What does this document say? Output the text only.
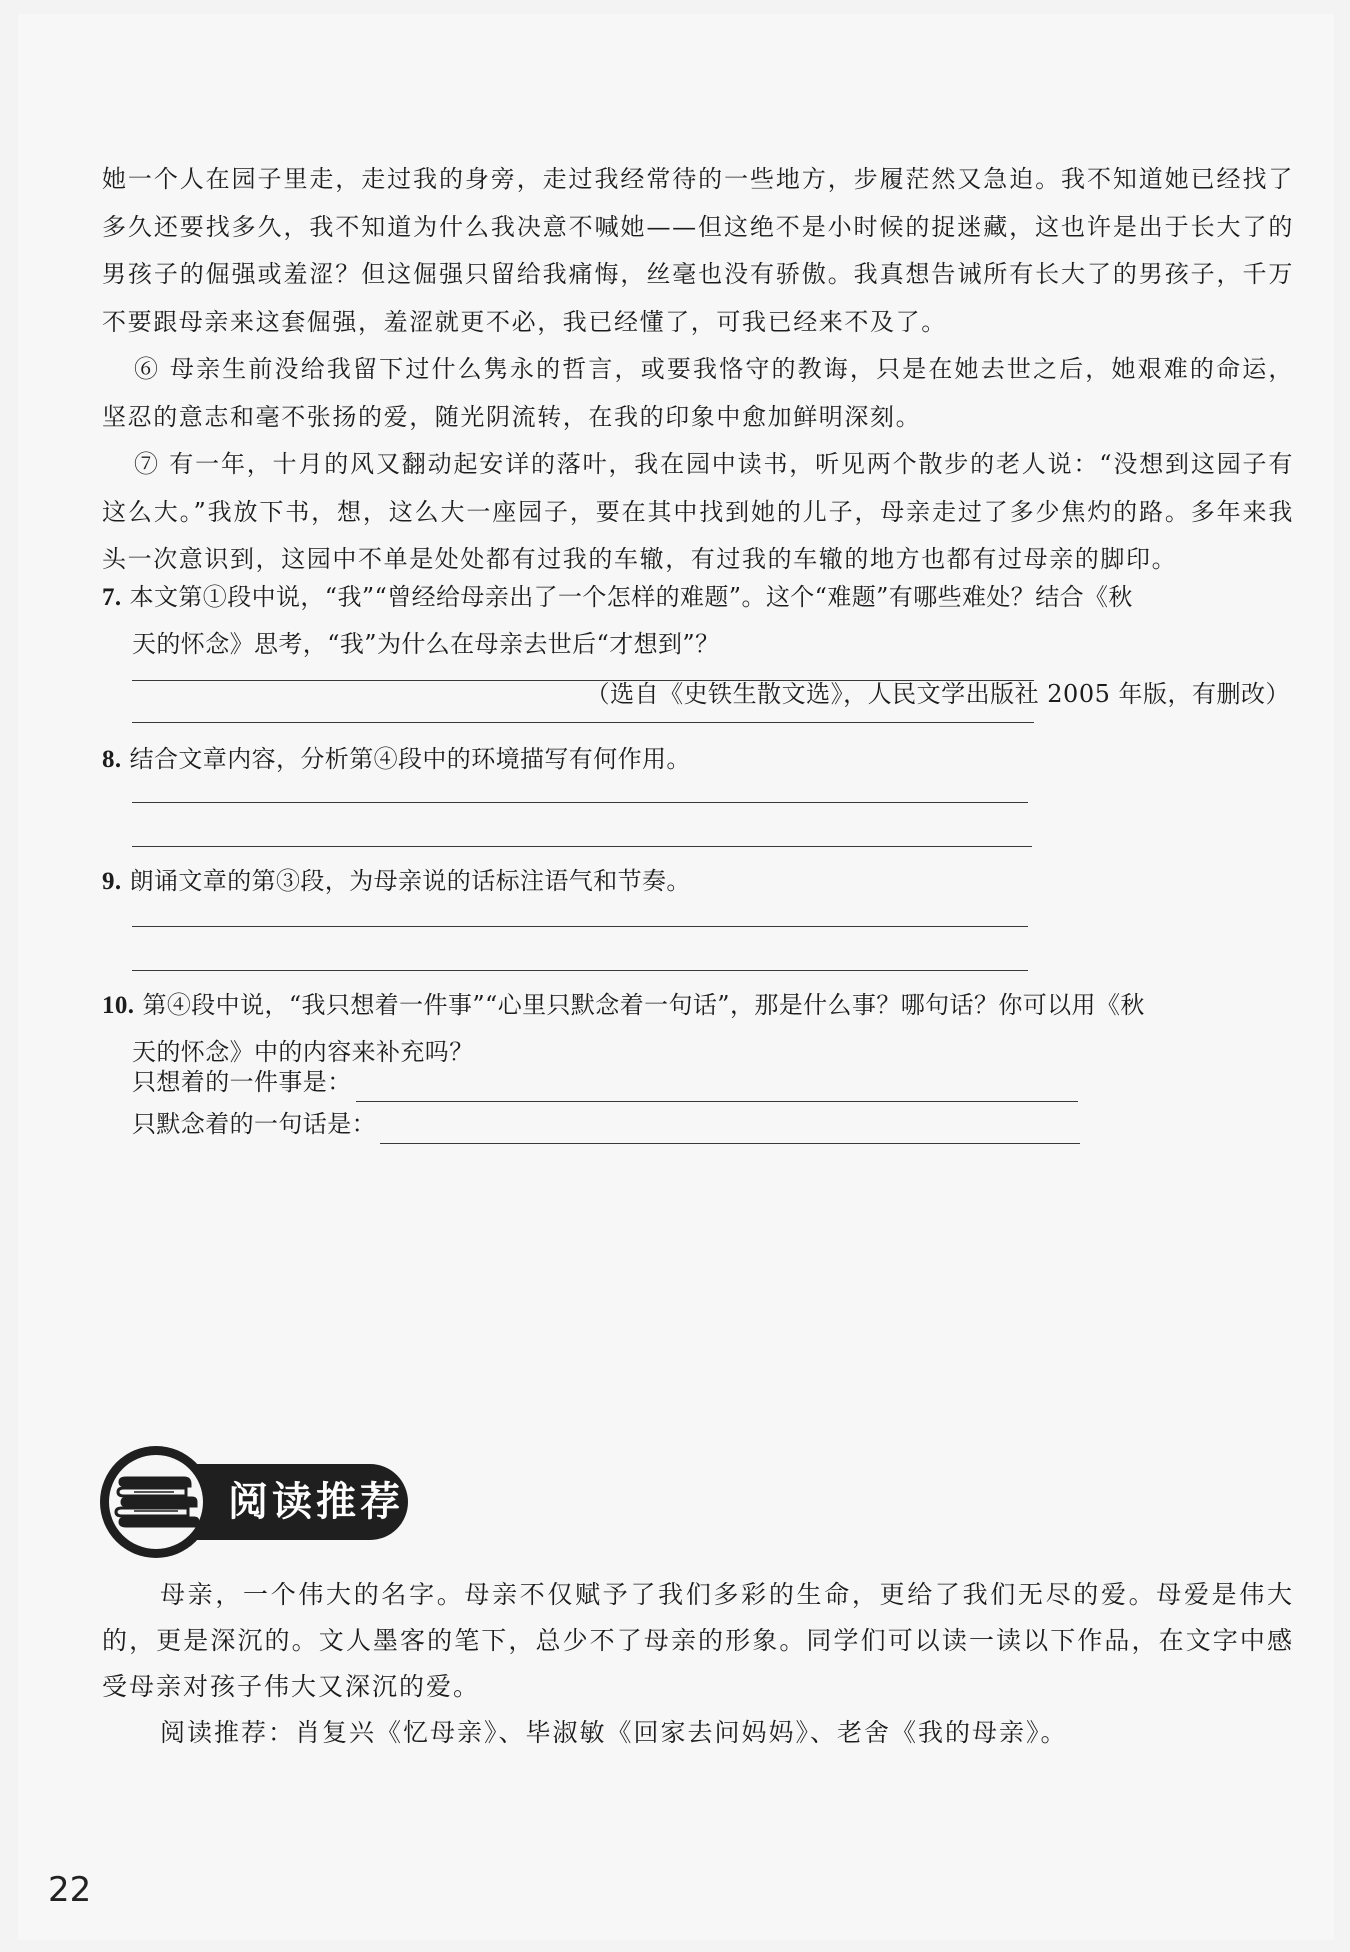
她一个人在园子里走，走过我的身旁，走过我经常待的一些地方，步履茫然又急迫。我不知道她已经找了多久还要找多久，我不知道为什么我决意不喊她——但这绝不是小时候的捉迷藏，这也许是出于长大了的男孩子的倔强或羞涩？但这倔强只留给我痛悔，丝毫也没有骄傲。我真想告诫所有长大了的男孩子，千万不要跟母亲来这套倔强，羞涩就更不必，我已经懂了，可我已经来不及了。

⑥ 母亲生前没给我留下过什么隽永的哲言，或要我恪守的教诲，只是在她去世之后，她艰难的命运，坚忍的意志和毫不张扬的爱，随光阴流转，在我的印象中愈加鲜明深刻。

⑦ 有一年，十月的风又翻动起安详的落叶，我在园中读书，听见两个散步的老人说：“没想到这园子有这么大。”我放下书，想，这么大一座园子，要在其中找到她的儿子，母亲走过了多少焦灼的路。多年来我头一次意识到，这园中不单是处处都有过我的车辙，有过我的车辙的地方也都有过母亲的脚印。

（选自《史铁生散文选》，人民文学出版社 2005 年版，有删改）
7. 本文第①段中说，“我”“曾经给母亲出了一个怎样的难题”。这个“难题”有哪些难处？结合《秋
天的怀念》思考，“我”为什么在母亲去世后“才想到”？
8. 结合文章内容，分析第④段中的环境描写有何作用。
9. 朗诵文章的第③段，为母亲说的话标注语气和节奏。
10. 第④段中说，“我只想着一件事”“心里只默念着一句话”，那是什么事？哪句话？你可以用《秋
天的怀念》中的内容来补充吗？
只想着的一件事是：
只默念着的一句话是：
阅读推荐

母亲，一个伟大的名字。母亲不仅赋予了我们多彩的生命，更给了我们无尽的爱。母爱是伟大的，更是深沉的。文人墨客的笔下，总少不了母亲的形象。同学们可以读一读以下作品，在文字中感受母亲对孩子伟大又深沉的爱。

阅读推荐：肖复兴《忆母亲》、毕淑敏《回家去问妈妈》、老舍《我的母亲》。

22
